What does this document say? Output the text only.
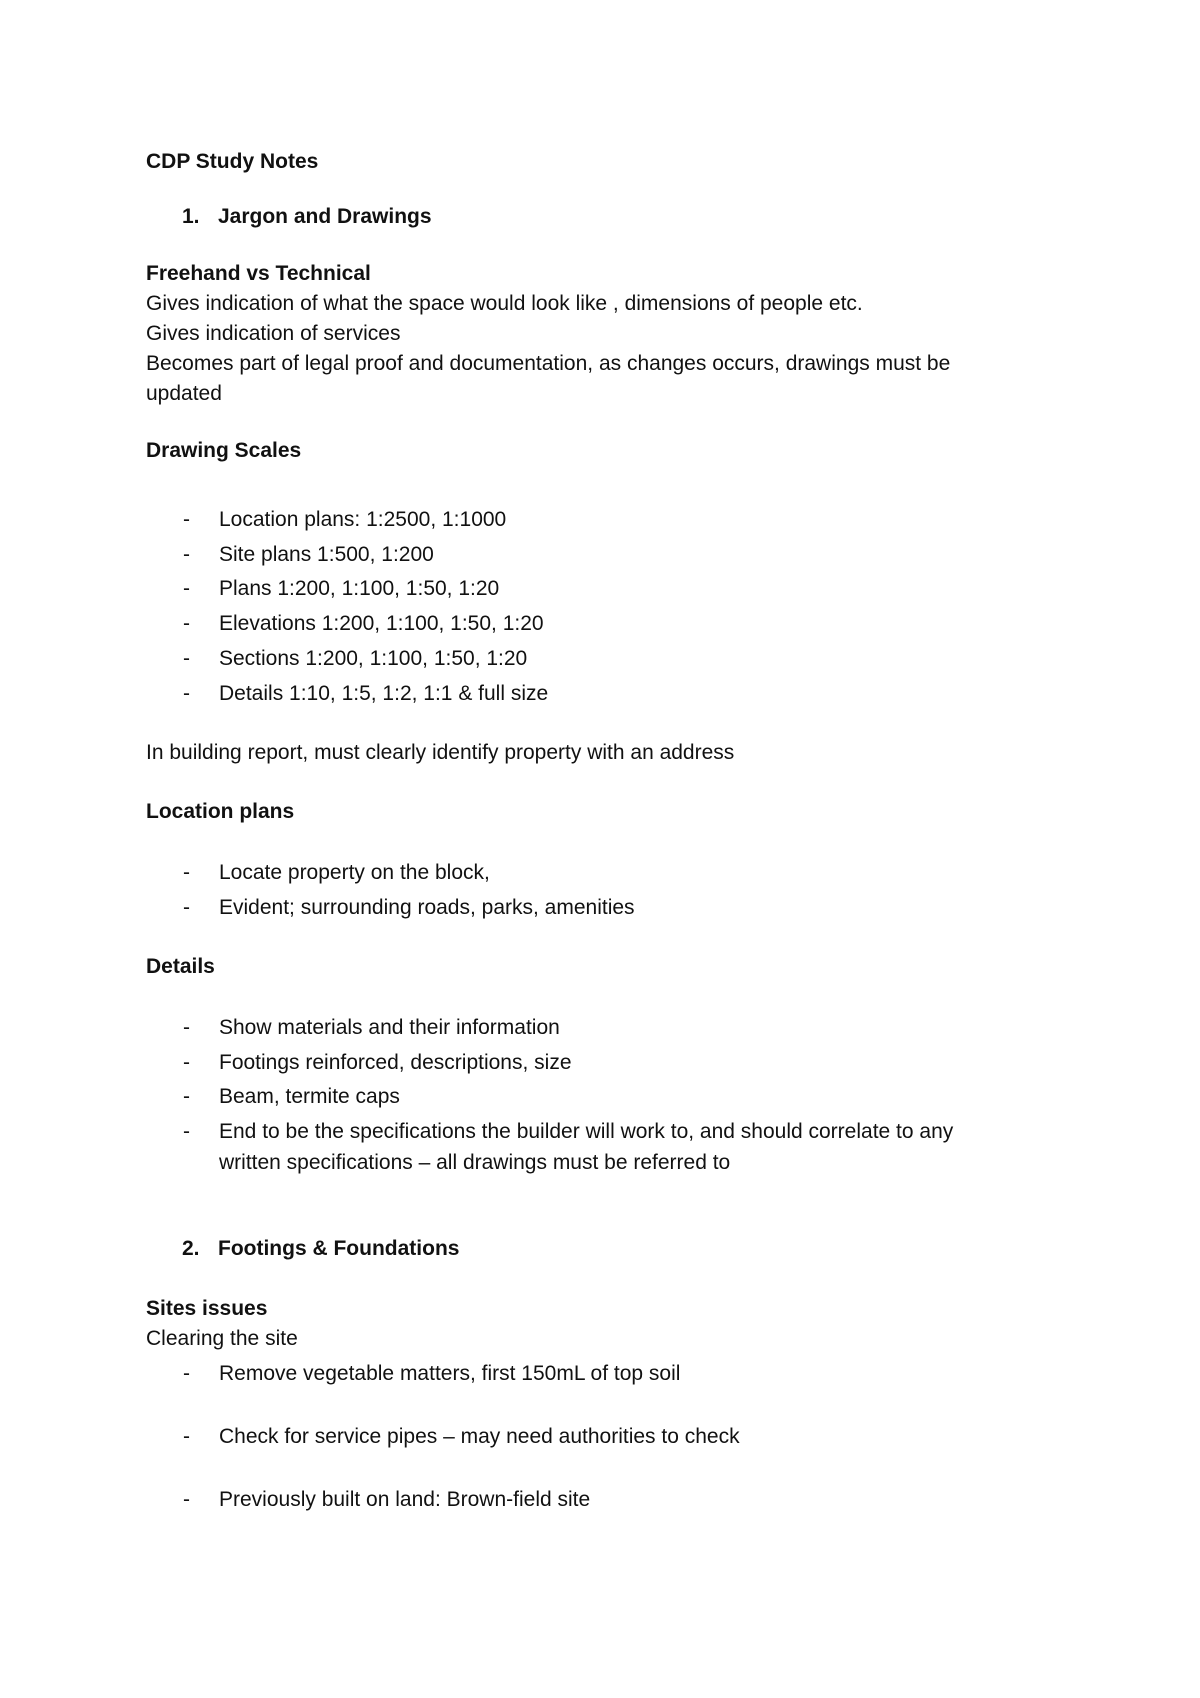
CDP Study Notes
1. Jargon and Drawings
Freehand vs Technical
Gives indication of what the space would look like , dimensions of people etc.
Gives indication of services
Becomes part of legal proof and documentation, as changes occurs, drawings must be
updated
Drawing Scales
- Location plans: 1:2500, 1:1000
- Site plans 1:500, 1:200
- Plans 1:200, 1:100, 1:50, 1:20
- Elevations 1:200, 1:100, 1:50, 1:20
- Sections 1:200, 1:100, 1:50, 1:20
- Details 1:10, 1:5, 1:2, 1:1 & full size
In building report, must clearly identify property with an address
Location plans
- Locate property on the block,
- Evident; surrounding roads, parks, amenities
Details
- Show materials and their information
- Footings reinforced, descriptions, size
- Beam, termite caps
- End to be the specifications the builder will work to, and should correlate to any
written specifications – all drawings must be referred to
2. Footings & Foundations
Sites issues
Clearing the site
- Remove vegetable matters, first 150mL of top soil
- Check for service pipes – may need authorities to check
- Previously built on land: Brown-field site
